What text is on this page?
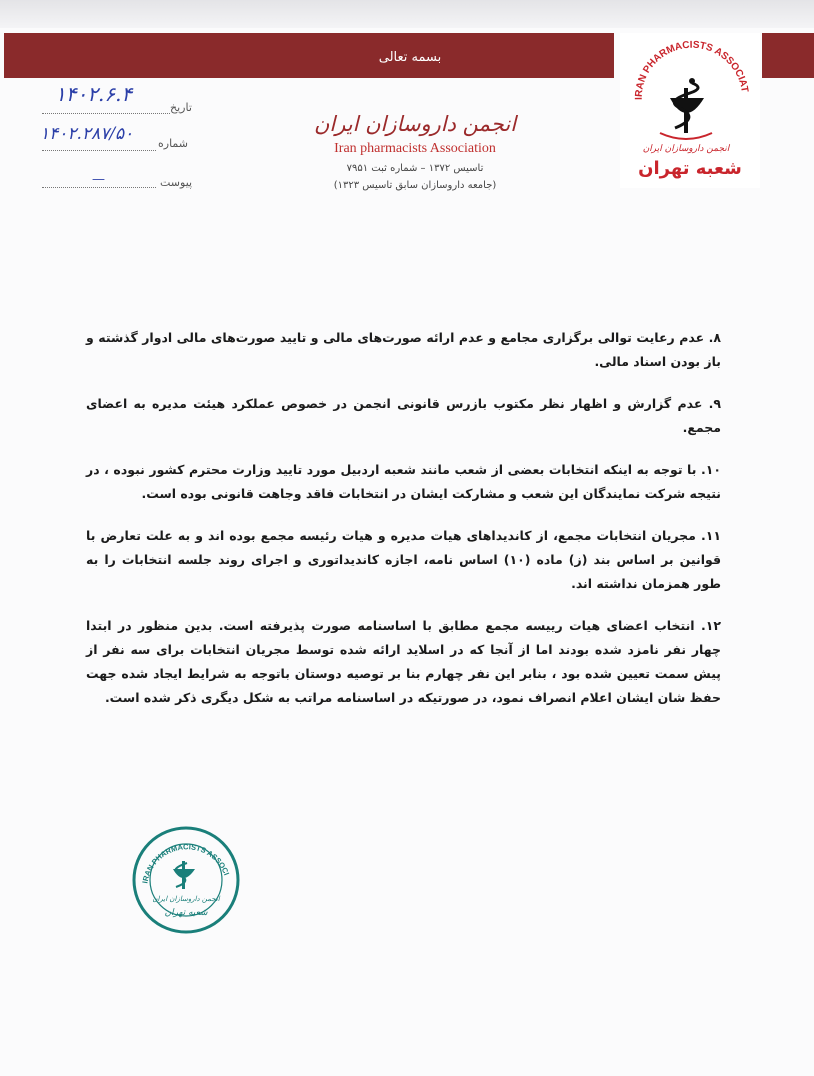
بسمه تعالی
IRAN PHARMACISTS ASSOCIAT
انجمن داروسازان ایران
شعبه تهران
تاریخ
۱۴۰۲.۶.۴
شماره
۱۴۰۲.۲۸۷/۵۰
پیوست
—
انجمن داروسازان ایران
Iran pharmacists Association
تاسیس ۱۳۷۲ – شماره ثبت ۷۹۵۱
(جامعه داروسازان سابق تاسیس ۱۳۲۳)

۸. عدم رعایت توالی برگزاری مجامع و عدم ارائه صورت‌های مالی و تایید صورت‌های مالی ادوار گذشته و باز بودن اسناد مالی.

۹. عدم گزارش و اظهار نظر مکتوب بازرس قانونی انجمن در خصوص عملکرد هیئت مدیره به اعضای مجمع.

۱۰. با توجه به اینکه انتخابات بعضی از شعب مانند شعبه اردبیل مورد تایید وزارت محترم کشور نبوده ، در نتیجه شرکت نمایندگان این شعب و مشارکت ایشان در انتخابات فاقد وجاهت قانونی بوده است.

۱۱. مجریان انتخابات مجمع، از کاندیداهای هیات مدیره و هیات رئیسه مجمع بوده اند و به علت تعارض با قوانین بر اساس بند (ز) ماده (۱۰) اساس نامه، اجازه کاندیداتوری و اجرای روند جلسه انتخابات را به طور همزمان نداشته اند.

۱۲. انتخاب اعضای هیات رییسه مجمع مطابق با اساسنامه صورت پذیرفته است. بدین منظور در ابتدا چهار نفر نامزد شده بودند اما از آنجا که در اسلاید ارائه شده توسط مجریان انتخابات برای سه نفر از پیش سمت تعیین شده بود ، بنابر این نفر چهارم بنا بر توصیه دوستان باتوجه به شرایط ایجاد شده جهت حفظ شان ایشان اعلام انصراف نمود، در صورتیکه در اساسنامه مراتب به شکل دیگری ذکر شده است.

IRAN PHARMACISTS ASSOCI
انجمن داروسازان ایران
شعبه تهران
